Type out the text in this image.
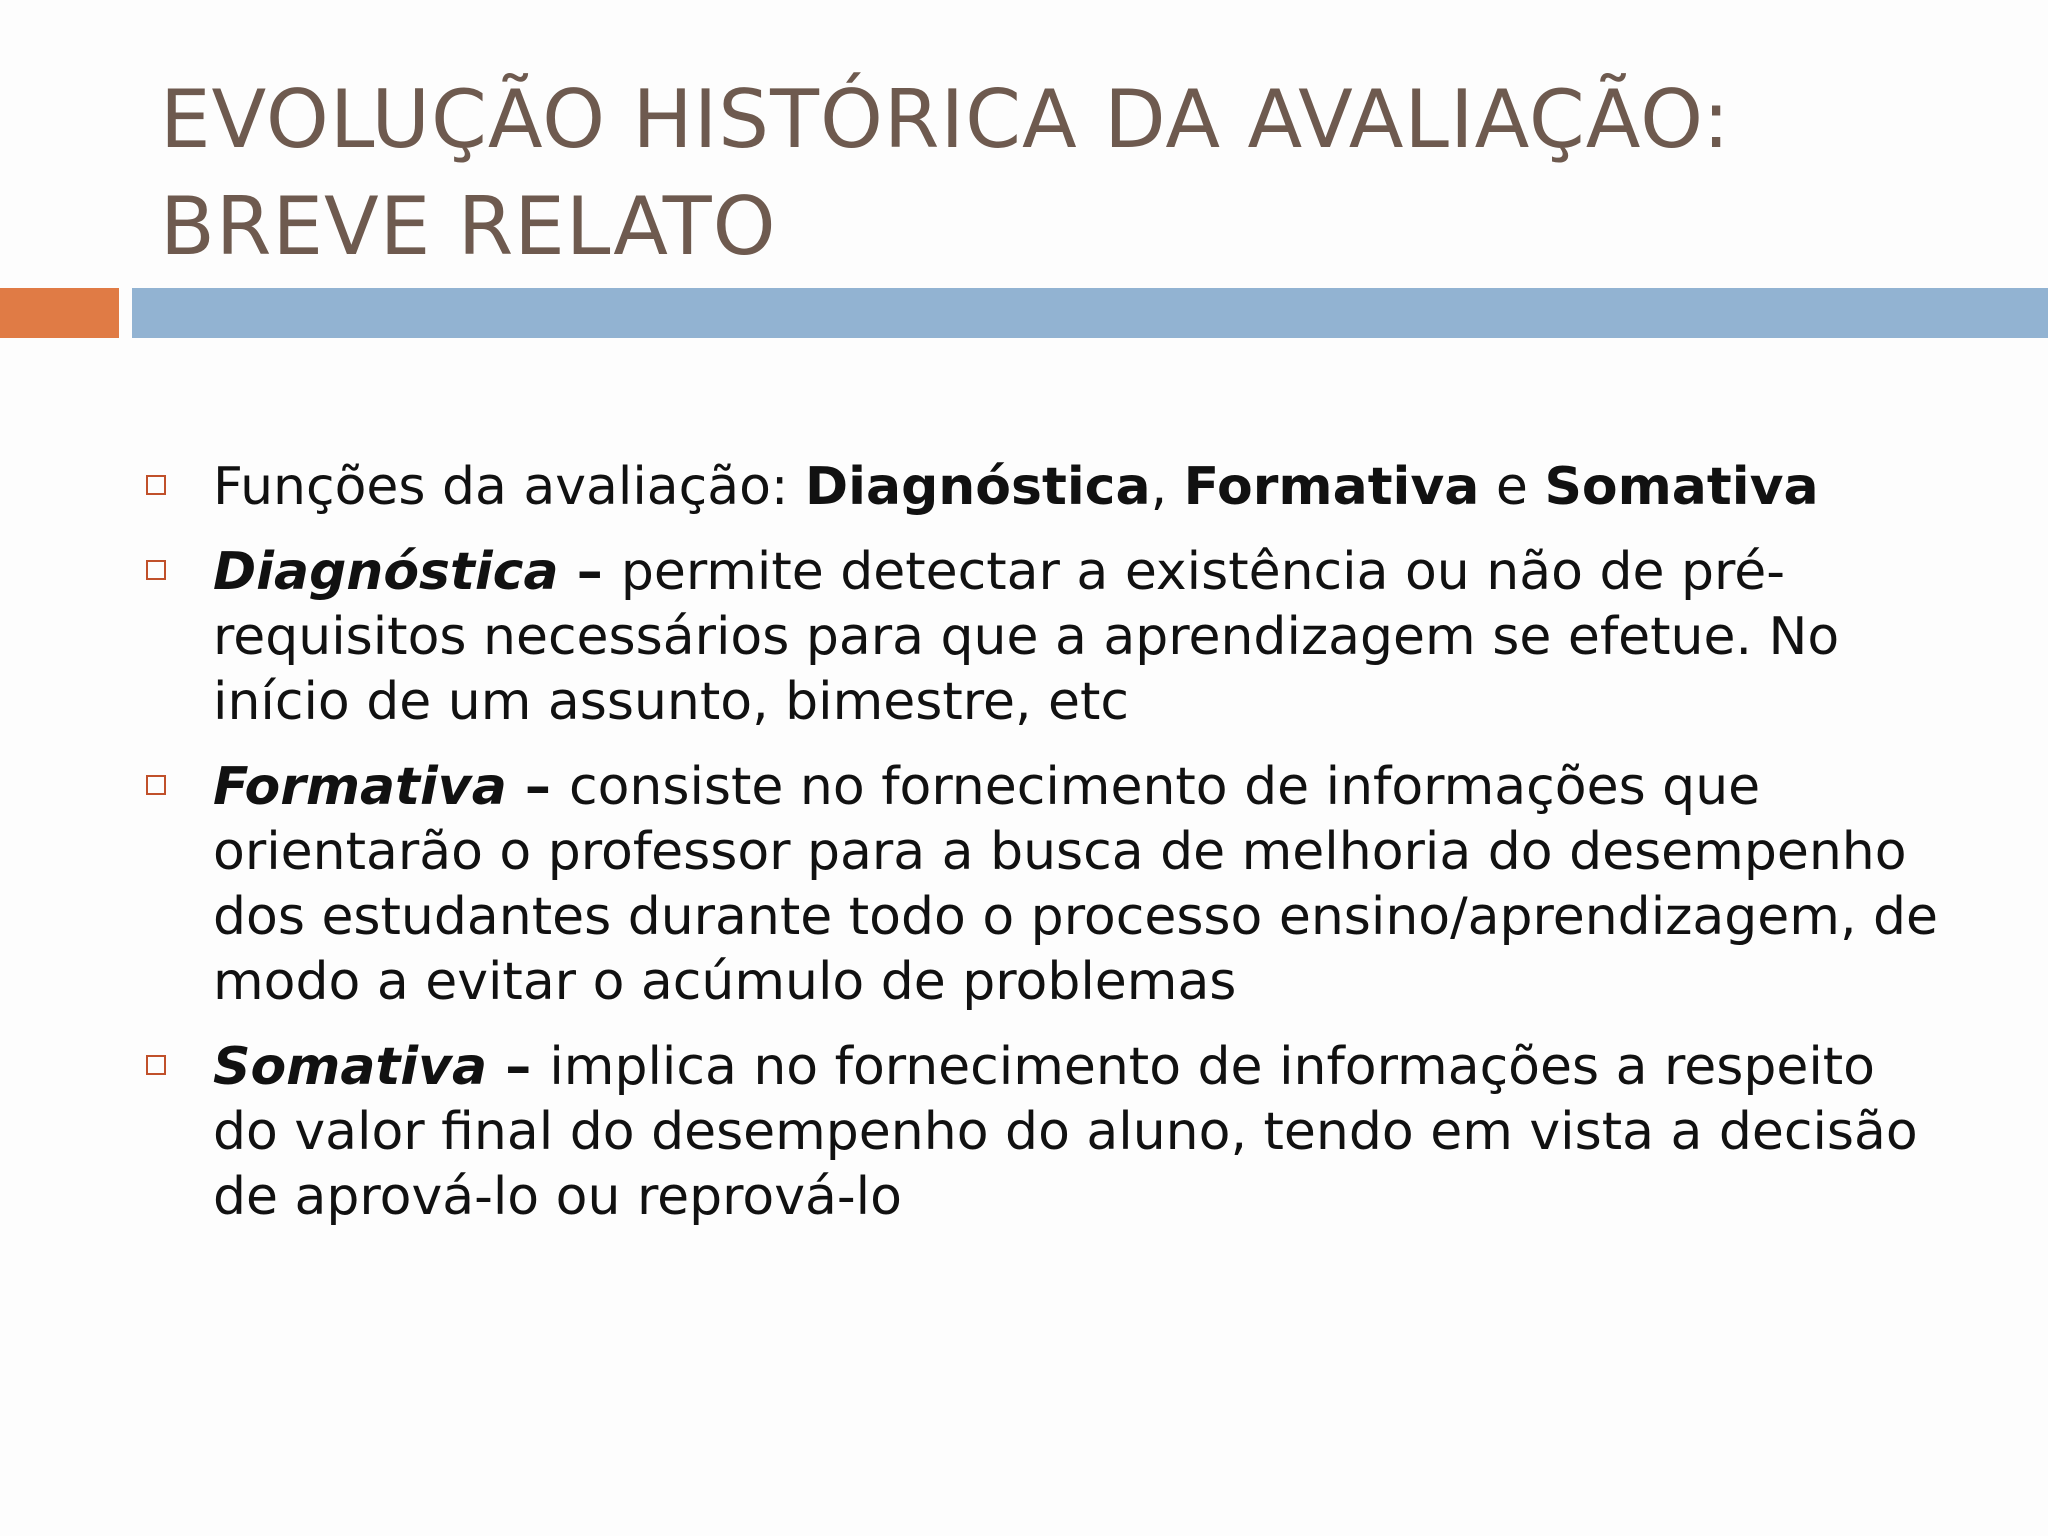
EVOLUÇÃO HISTÓRICA DA AVALIAÇÃO: BREVE RELATO
Funções da avaliação: Diagnóstica, Formativa e Somativa
Diagnóstica – permite detectar a existência ou não de pré-requisitos necessários para que a aprendizagem se efetue. No início de um assunto, bimestre, etc
Formativa – consiste no fornecimento de informações que orientarão o professor para a busca de melhoria do desempenho dos estudantes durante todo o processo ensino/aprendizagem, de modo a evitar o acúmulo de problemas
Somativa – implica no fornecimento de informações a respeito do valor final do desempenho do aluno, tendo em vista a decisão de aprová-lo ou reprová-lo
